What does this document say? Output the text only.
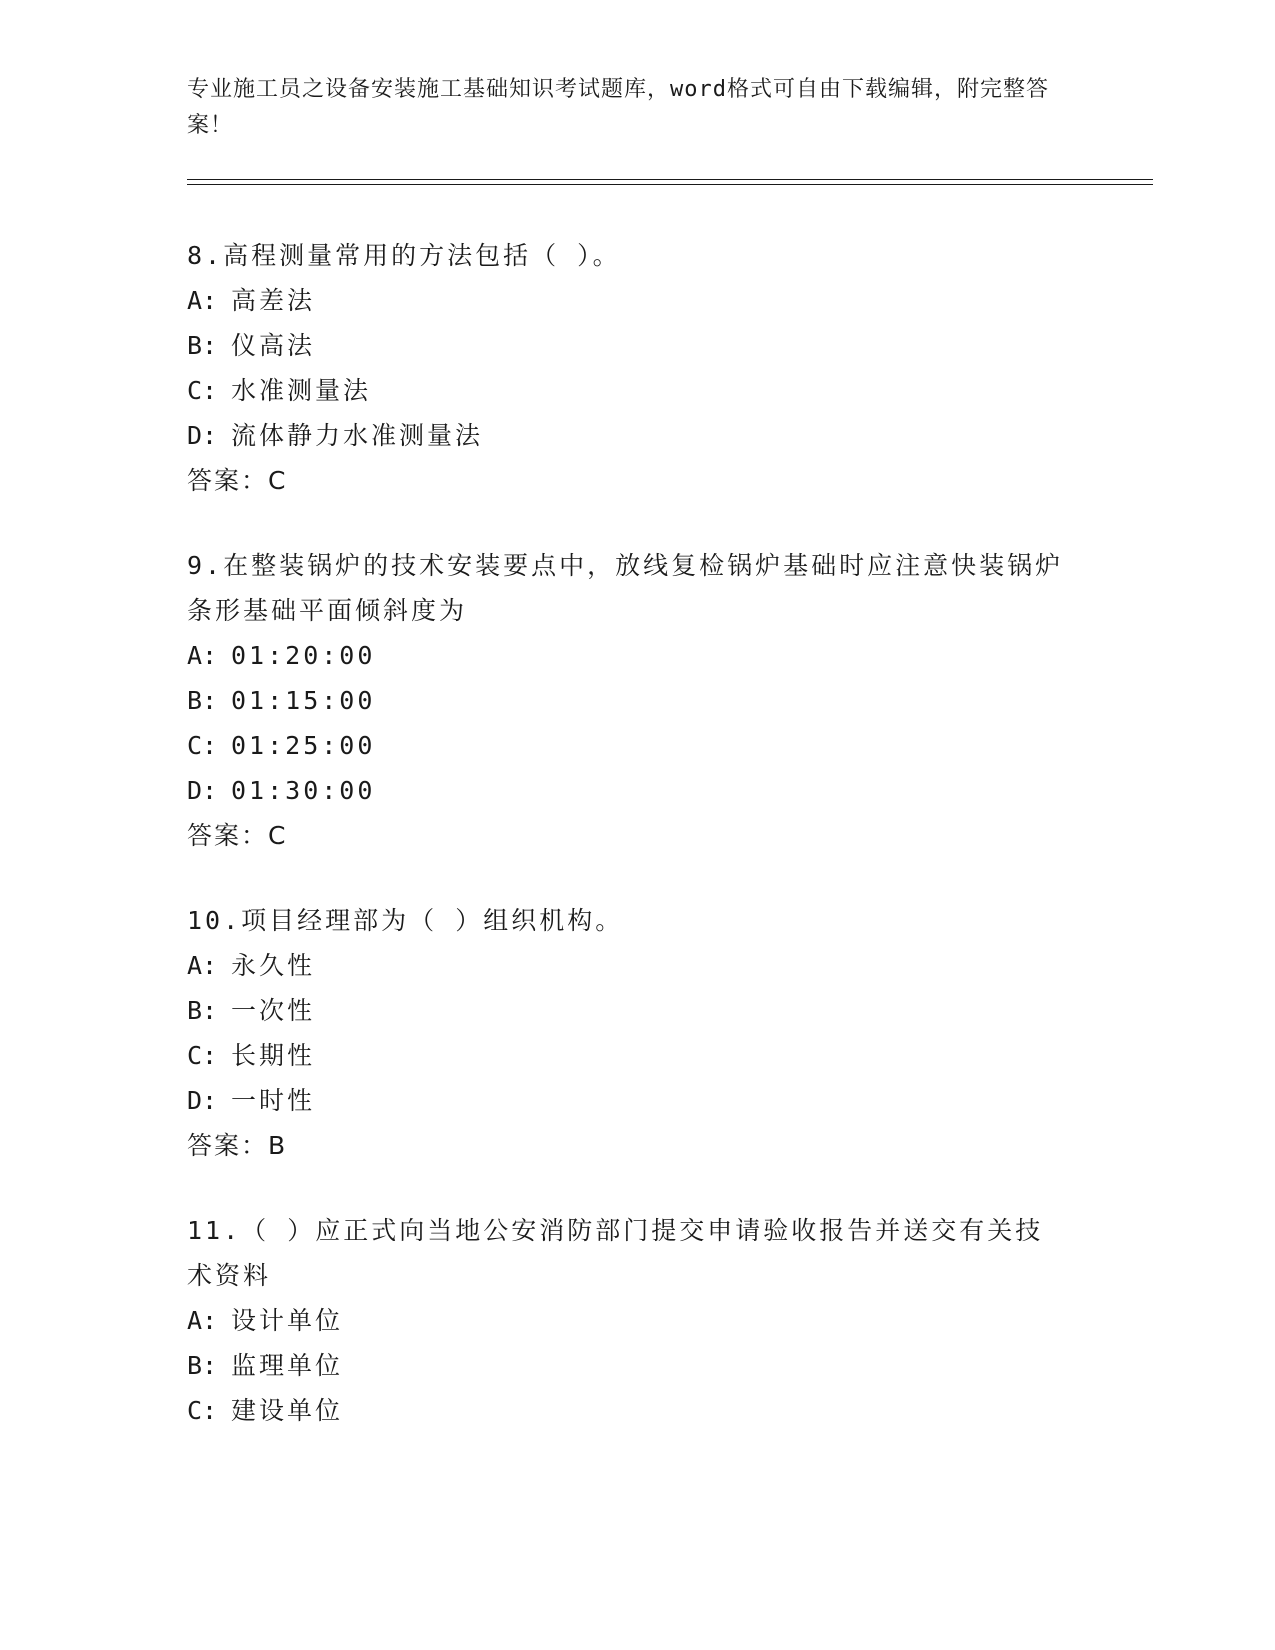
专业施工员之设备安装施工基础知识考试题库，word格式可自由下载编辑，附完整答案！

8.高程测量常用的方法包括（ ）。

A: 高差法

B: 仪高法

C: 水准测量法

D: 流体静力水准测量法

答案：C

9.在整装锅炉的技术安装要点中，放线复检锅炉基础时应注意快装锅炉条形基础平面倾斜度为

A: 01:20:00

B: 01:15:00

C: 01:25:00

D: 01:30:00

答案：C

10.项目经理部为（ ）组织机构。

A: 永久性

B: 一次性

C: 长期性

D: 一时性

答案：B

11.（ ）应正式向当地公安消防部门提交申请验收报告并送交有关技术资料

A: 设计单位

B: 监理单位

C: 建设单位
